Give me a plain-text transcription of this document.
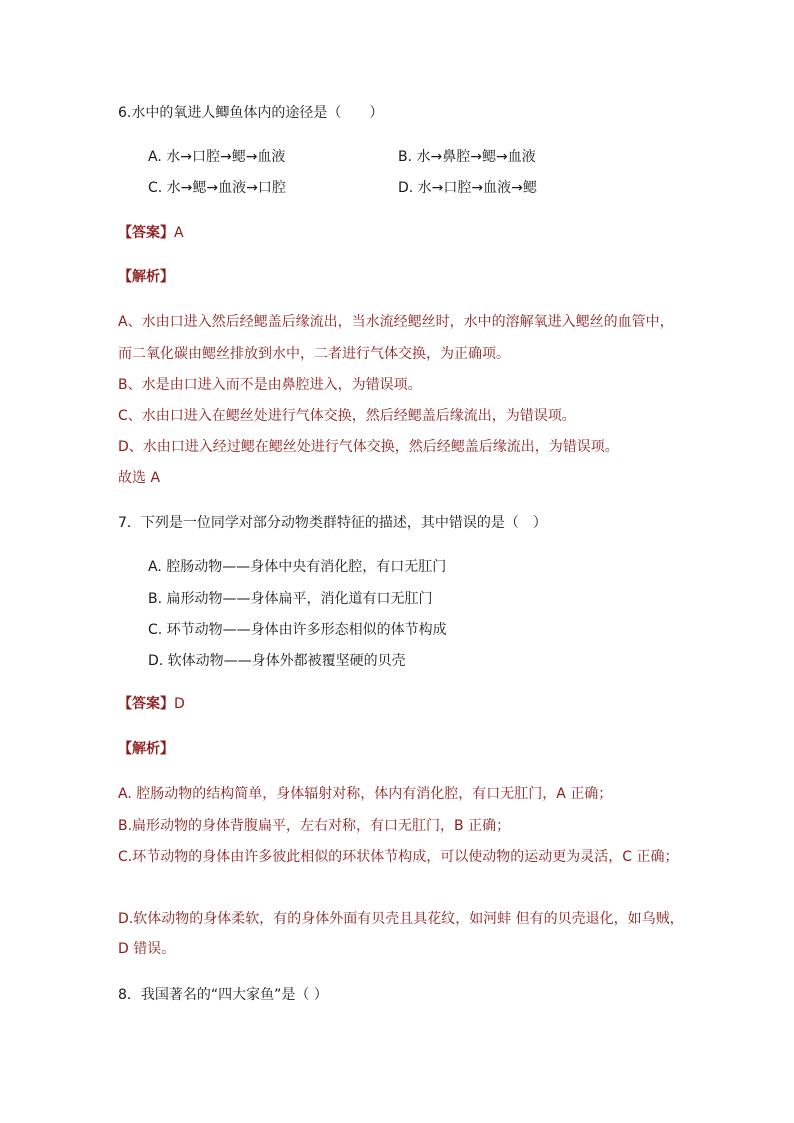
6.水中的氧进人鲫鱼体内的途径是（　　）
A. 水→口腔→鳃→血液	B. 水→鼻腔→鳃→血液
C. 水→鳃→血液→口腔	D. 水→口腔→血液→鳃
【答案】A
【解析】
A、水由口进入然后经鳃盖后缘流出，当水流经鳃丝时，水中的溶解氧进入鳃丝的血管中，
而二氧化碳由鳃丝排放到水中，二者进行气体交换，为正确项。
B、水是由口进入而不是由鼻腔进入，为错误项。
C、水由口进入在鳃丝处进行气体交换，然后经鳃盖后缘流出，为错误项。
D、水由口进入经过鳃在鳃丝处进行气体交换，然后经鳃盖后缘流出，为错误项。
故选 A
7．下列是一位同学对部分动物类群特征的描述，其中错误的是（　）
A. 腔肠动物——身体中央有消化腔，有口无肛门
B. 扁形动物——身体扁平，消化道有口无肛门
C. 环节动物——身体由许多形态相似的体节构成
D. 软体动物——身体外都被覆坚硬的贝壳
【答案】D
【解析】
A. 腔肠动物的结构简单，身体辐射对称，体内有消化腔，有口无肛门，A 正确；
B.扁形动物的身体背腹扁平，左右对称，有口无肛门，B 正确；
C.环节动物的身体由许多彼此相似的环状体节构成，可以使动物的运动更为灵活，C 正确；
D.软体动物的身体柔软，有的身体外面有贝壳且具花纹，如河蚌 但有的贝壳退化，如乌贼，
D 错误。
8．我国著名的“四大家鱼”是（ ）
